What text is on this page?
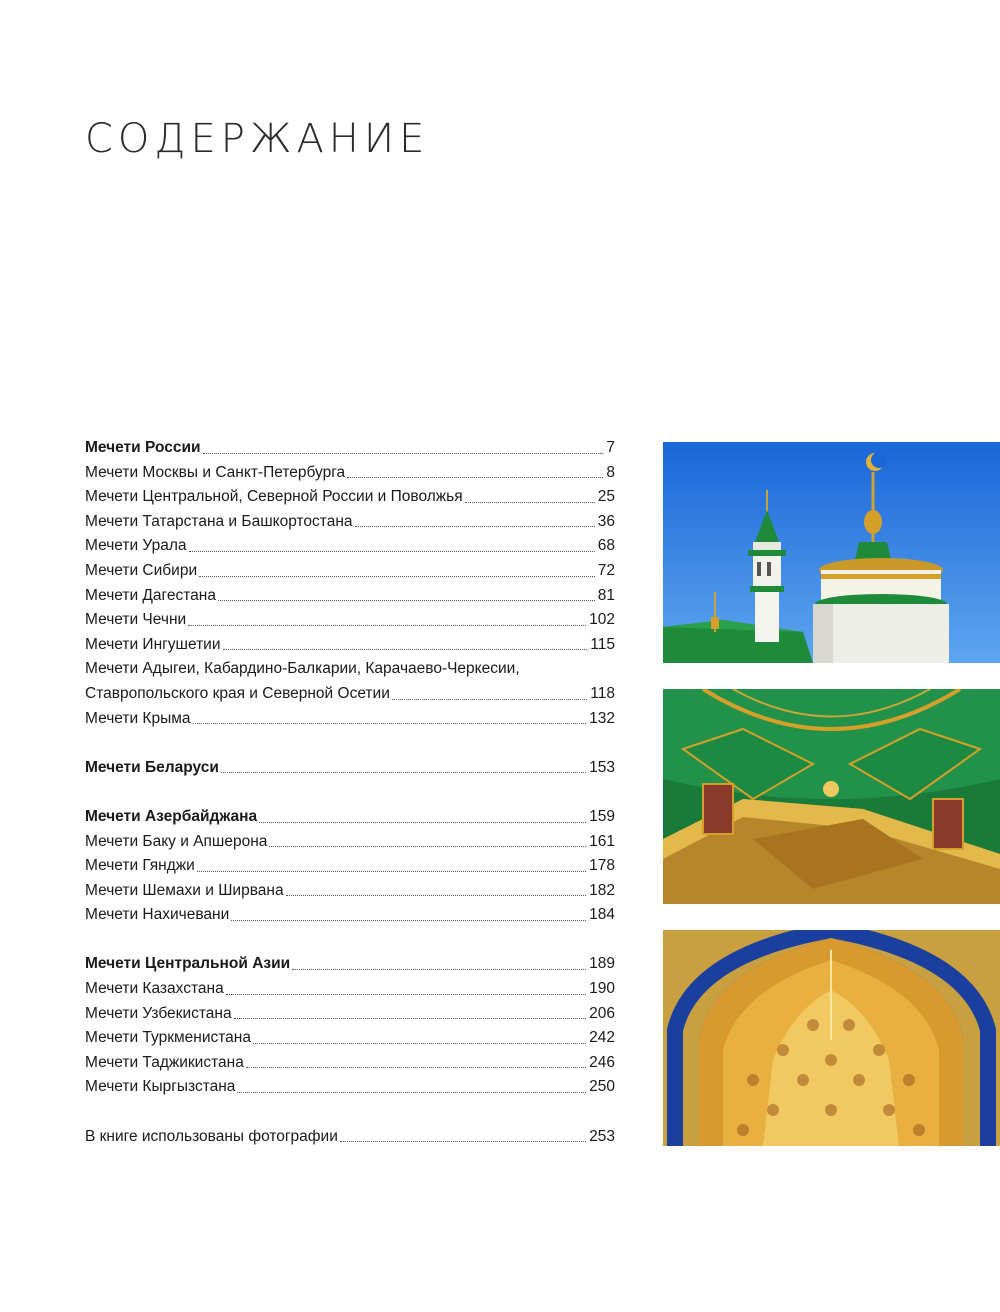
СОДЕРЖАНИЕ
Мечети России	7
Мечети Москвы и Санкт-Петербурга	8
Мечети Центральной, Северной России и Поволжья	25
Мечети Татарстана и Башкортостана	36
Мечети Урала	68
Мечети Сибири	72
Мечети Дагестана	81
Мечети Чечни	102
Мечети Ингушетии	115
Мечети Адыгеи, Кабардино-Балкарии, Карачаево-Черкесии,
Ставропольского края и Северной Осетии	118
Мечети Крыма	132
Мечети Беларуси	153
Мечети Азербайджана	159
Мечети Баку и Апшерона	161
Мечети Гянджи	178
Мечети Шемахи и Ширвана	182
Мечети Нахичевани	184
Мечети Центральной Азии	189
Мечети Казахстана	190
Мечети Узбекистана	206
Мечети Туркменистана	242
Мечети Таджикистана	246
Мечети Кыргызстана	250
В книге использованы фотографии	253
